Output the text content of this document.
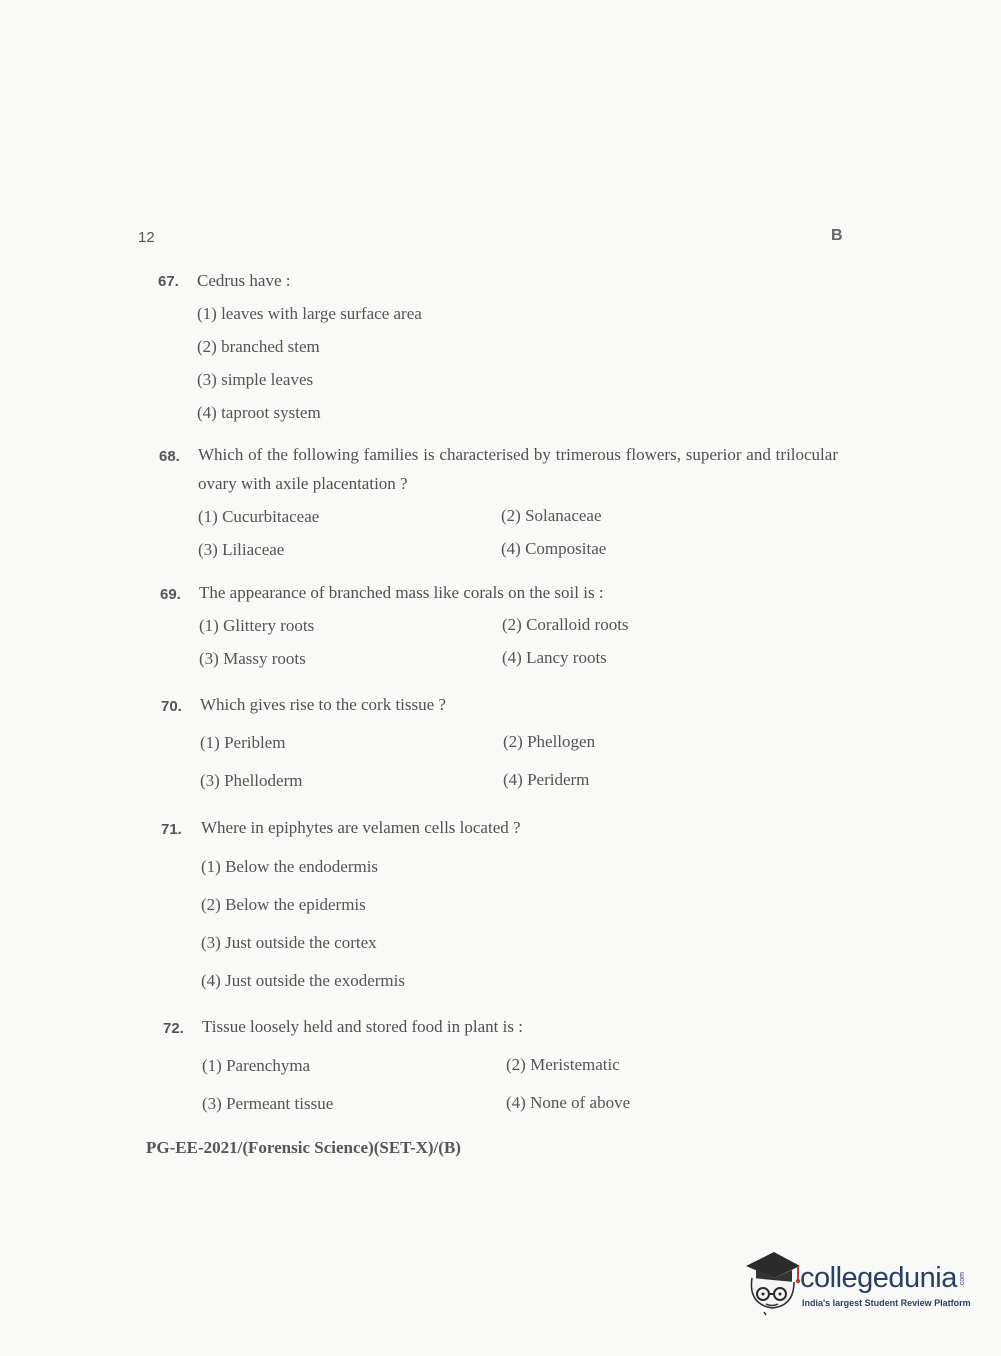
12	B
67. Cedrus have :
(1) leaves with large surface area
(2) branched stem
(3) simple leaves
(4) taproot system
68. Which of the following families is characterised by trimerous flowers, superior and trilocular ovary with axile placentation ?
(1) Cucurbitaceae	(2) Solanaceae
(3) Liliaceae	(4) Compositae
69. The appearance of branched mass like corals on the soil is :
(1) Glittery roots	(2) Coralloid roots
(3) Massy roots	(4) Lancy roots
70. Which gives rise to the cork tissue ?
(1) Periblem	(2) Phellogen
(3) Phelloderm	(4) Periderm
71. Where in epiphytes are velamen cells located ?
(1) Below the endodermis
(2) Below the epidermis
(3) Just outside the cortex
(4) Just outside the exodermis
72. Tissue loosely held and stored food in plant is :
(1) Parenchyma	(2) Meristematic
(3) Permeant tissue	(4) None of above
PG-EE-2021/(Forensic Science)(SET-X)/(B)
collegedunia .com
India's largest Student Review Platform
